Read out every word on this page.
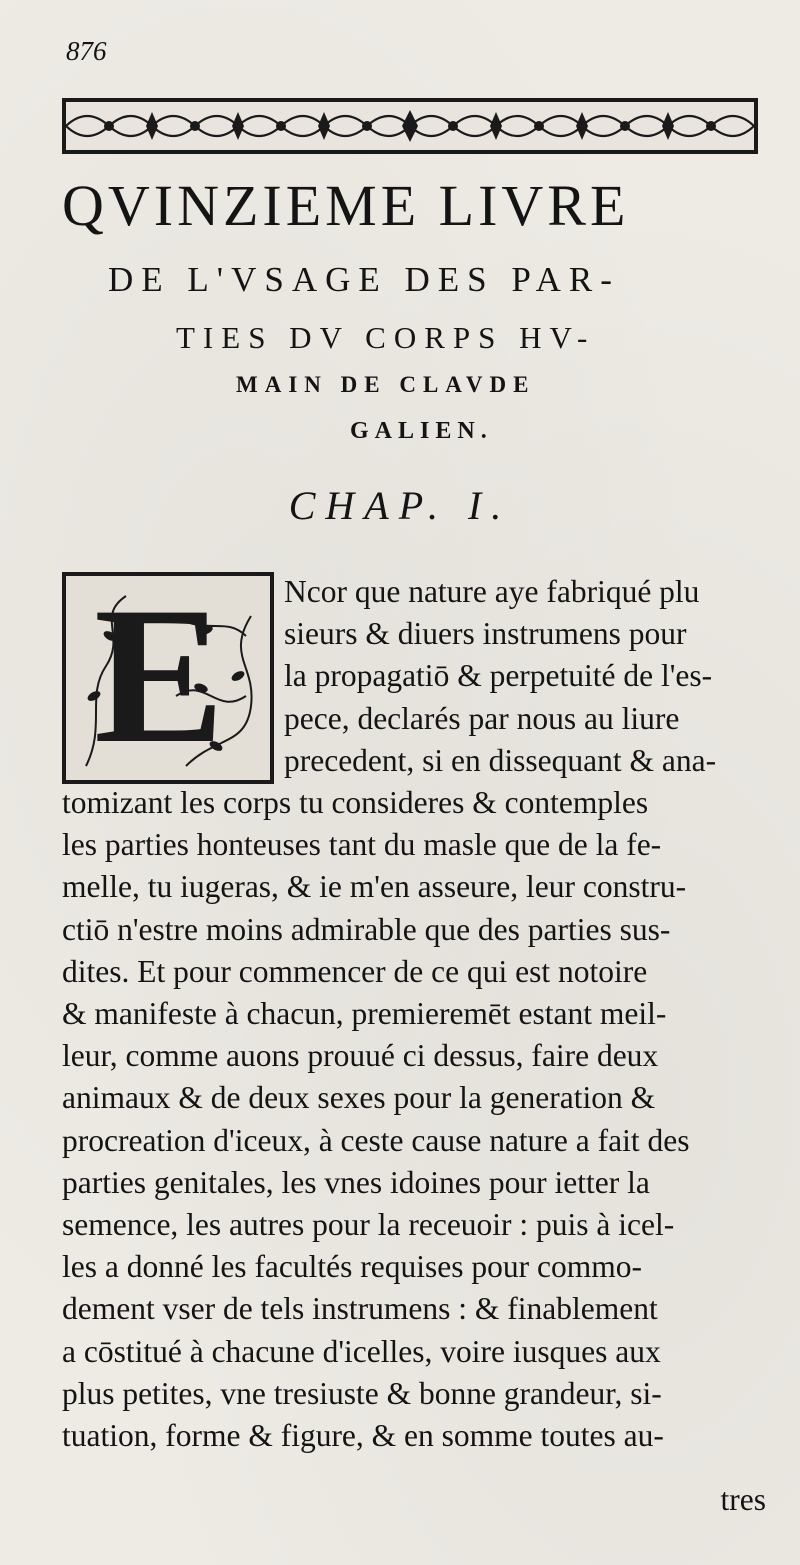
876
QVINZIEME LIVRE
DE L'VSAGE DES PAR-
TIES DV CORPS HV-
MAIN DE CLAVDE
GALIEN.
CHAP. I.
E Ncor que nature aye fabriqué plu
sieurs & diuers instrumens pour
la propagatiō & perpetuité de l'es-
pece, declarés par nous au liure
precedent, si en dissequant & ana-
tomizant les corps tu consideres & contemples
les parties honteuses tant du masle que de la fe-
melle, tu iugeras, & ie m'en asseure, leur constru-
ctiō n'estre moins admirable que des parties sus-
dites. Et pour commencer de ce qui est notoire
& manifeste à chacun, premieremēt estant meil-
leur, comme auons prouué ci dessus, faire deux
animaux & de deux sexes pour la generation &
procreation d'iceux, à ceste cause nature a fait des
parties genitales, les vnes idoines pour ietter la
semence, les autres pour la receuoir : puis à icel-
les a donné les facultés requises pour commo-
dement vser de tels instrumens : & finablement
a cōstitué à chacune d'icelles, voire iusques aux
plus petites, vne tresiuste & bonne grandeur, si-
tuation, forme & figure, & en somme toutes au-
tres
